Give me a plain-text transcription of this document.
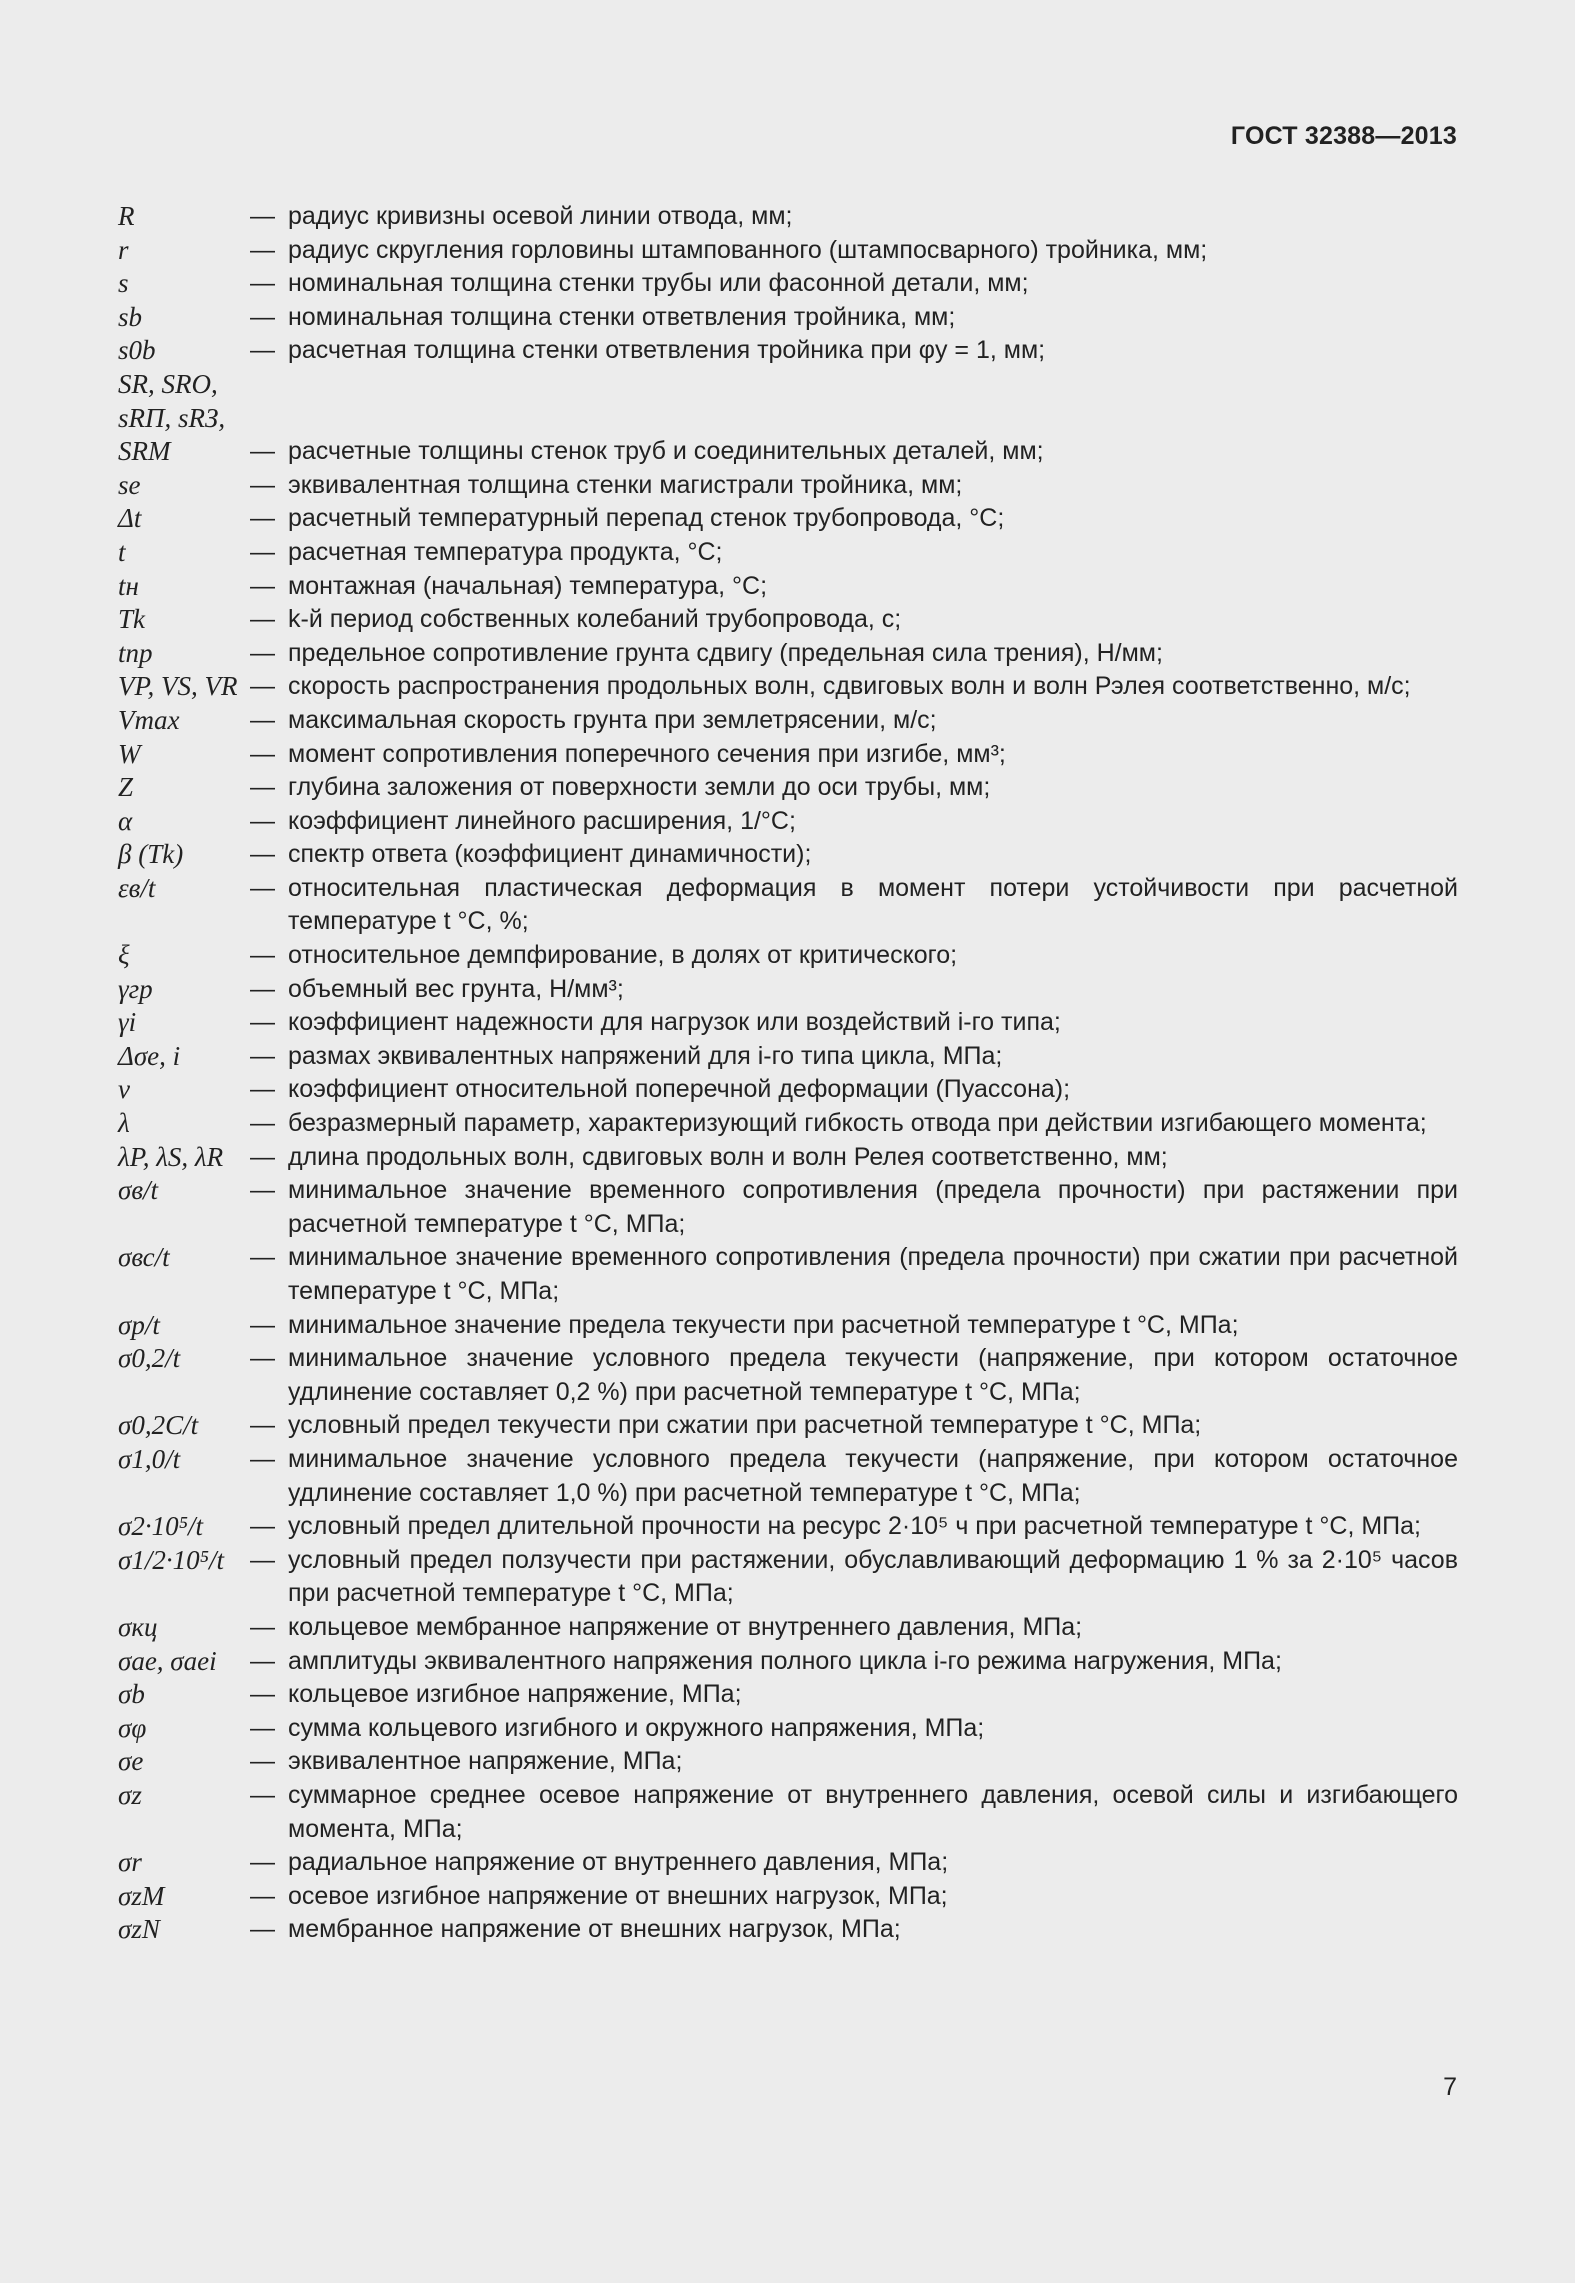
ГОСТ 32388—2013
R	— радиус кривизны осевой линии отвода, мм;
r	— радиус скругления горловины штампованного (штампосварного) тройника, мм;
s	— номинальная толщина стенки трубы или фасонной детали, мм;
sb	— номинальная толщина стенки ответвления тройника, мм;
s0b	— расчетная толщина стенки ответвления тройника при φy = 1, мм;
SR, SRO,
sRП, sRЗ,
SRM	— расчетные толщины стенок труб и соединительных деталей, мм;
se	— эквивалентная толщина стенки магистрали тройника, мм;
Δt	— расчетный температурный перепад стенок трубопровода, °С;
t	— расчетная температура продукта, °С;
tн	— монтажная (начальная) температура, °С;
Tk	— k-й период собственных колебаний трубопровода, с;
tпр	— предельное сопротивление грунта сдвигу (предельная сила трения), Н/мм;
VP, VS, VR — скорость распространения продольных волн, сдвиговых волн и волн Рэлея соответственно, м/с;
Vmax	— максимальная скорость грунта при землетрясении, м/с;
W	— момент сопротивления поперечного сечения при изгибе, мм³;
Z	— глубина заложения от поверхности земли до оси трубы, мм;
α	— коэффициент линейного расширения, 1/°С;
β (Tk)	— спектр ответа (коэффициент динамичности);
εв/t	— относительная пластическая деформация в момент потери устойчивости при расчетной температуре t °С, %;
ξ	— относительное демпфирование, в долях от критического;
γгр	— объемный вес грунта, Н/мм³;
γi	— коэффициент надежности для нагрузок или воздействий i-го типа;
Δσe, i	— размах эквивалентных напряжений для i-го типа цикла, МПа;
ν	— коэффициент относительной поперечной деформации (Пуассона);
λ	— безразмерный параметр, характеризующий гибкость отвода при действии изгибающего момента;
λP, λS, λR	— длина продольных волн, сдвиговых волн и волн Релея соответственно, мм;
σв/t	— минимальное значение временного сопротивления (предела прочности) при растяжении при расчетной температуре t °С, МПа;
σвс/t	— минимальное значение временного сопротивления (предела прочности) при сжатии при расчетной температуре t °С, МПа;
σp/t	— минимальное значение предела текучести при расчетной температуре t °С, МПа;
σ0,2/t	— минимальное значение условного предела текучести (напряжение, при котором остаточное удлинение составляет 0,2 %) при расчетной температуре t °С, МПа;
σ0,2C/t	— условный предел текучести при сжатии при расчетной температуре t °С, МПа;
σ1,0/t	— минимальное значение условного предела текучести (напряжение, при котором остаточное удлинение составляет 1,0 %) при расчетной температуре t °С, МПа;
σ2·10⁵/t	— условный предел длительной прочности на ресурс 2·10⁵ ч при расчетной температуре t °С, МПа;
σ1/2·10⁵/t	— условный предел ползучести при растяжении, обуславливающий деформацию 1 % за 2·10⁵ часов при расчетной температуре t °С, МПа;
σкц	— кольцевое мембранное напряжение от внутреннего давления, МПа;
σae, σaei	— амплитуды эквивалентного напряжения полного цикла i-го режима нагружения, МПа;
σb	— кольцевое изгибное напряжение, МПа;
σφ	— сумма кольцевого изгибного и окружного напряжения, МПа;
σe	— эквивалентное напряжение, МПа;
σz	— суммарное среднее осевое напряжение от внутреннего давления, осевой силы и изгибающего момента, МПа;
σr	— радиальное напряжение от внутреннего давления, МПа;
σzM	— осевое изгибное напряжение от внешних нагрузок, МПа;
σzN	— мембранное напряжение от внешних нагрузок, МПа;
7
